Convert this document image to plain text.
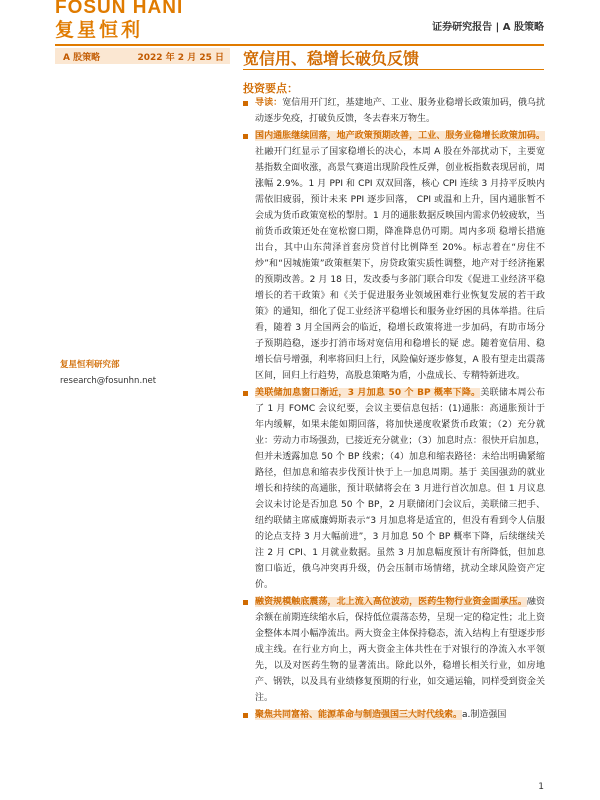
FOSUN HANI
复星恒利	证券研究报告 | A 股策略
A 股策略	2022 年 2 月 25 日 宽信用、稳增长破负反馈
投资要点：
复星恒利研究部
research@fosunhn.net
导读：宽信用开门红，基建地产、工业、服务业稳增长政策加码，俄乌扰动逐步免疫，打破负反馈，冬去春来万物生。
国内通胀继续回落，地产政策预期改善，工业、服务业稳增长政策加码。社融开门红显示了国家稳增长的决心，本周 A 股在外部扰动下，主要宽基指数全面收涨，高景气赛道出现阶段性反弹，创业板指数表现居前，周涨幅 2.9%。1 月 PPI 和 CPI 双双回落，核心 CPI 连续 3 月持平反映内需依旧疲弱，预计未来 PPI 逐步回落， CPI 或温和上升，国内通胀暂不会成为货币政策宽松的掣肘。1 月的通胀数据反映国内需求仍较疲软，当前货币政策还处在宽松窗口期，降准降息仍可期。周内多项 稳增长措施出台，其中山东菏泽首套房贷首付比例降至 20%。标志着在“房住不炒”和“因城施策”政策框架下，房贷政策实质性调整，地产对于经济拖累的预期改善。2 月 18 日，发改委与多部门联合印发《促进工业经济平稳增长的若干政策》和《关于促进服务业领域困难行业恢复发展的若干政策》的通知，细化了促工业经济平稳增长和服务业纾困的具体举措。往后看，随着 3 月全国两会的临近，稳增长政策将进一步加码，有助市场分子预期趋稳，逐步打消市场对宽信用和稳增长的疑 虑。随着宽信用、稳增长信号增强，利率将回归上行，风险偏好逐步修复，A 股有望走出震荡区间，回归上行趋势，高股息策略为盾，小盘成长、专精特新进攻。
美联储加息窗口渐近，3 月加息 50 个 BP 概率下降。美联储本周公布了 1 月 FOMC 会议纪要，会议主要信息包括：(1)通胀：高通胀预计于年内缓解，如果未能如期回落，将加快递度收紧货币政策；（2）充分就业：劳动力市场强劲，已接近充分就业；（3）加息时点：很快开启加息，但并未透露加息 50 个 BP 线索；（4）加息和缩表路径：未给出明确紧缩路径，但加息和缩表步伐预计快于上一加息周期。基于 美国强劲的就业增长和持续的高通胀，预计联储将会在 3 月进行首次加息。但 1 月议息会议未讨论是否加息 50 个 BP，2 月联储闭门会议后，美联储三把手、纽约联储主席威廉姆斯表示“3 月加息将是适宜的，但没有看到令人信服的论点支持 3 月大幅前进”，3 月加息 50 个 BP 概率下降，后续继续关注 2 月 CPI、1 月就业数据。虽然 3 月加息幅度预计有所降低，但加息窗口临近，俄乌冲突再升级，仍会压制市场情绪，扰动全球风险资产定价。
融资规模触底震荡，北上流入高位波动，医药生物行业资金面承压。融资余额在前期连续缩水后，保持低位震荡态势，呈现一定的稳定性；北上资金整体本周小幅净流出。两大资金主体保持稳态，流入结构上有望逐步形成主线。在行业方向上，两大资金主体共性在于对银行的净流入水平领先，以及对医药生物的显著流出。除此以外，稳增长相关行业，如房地产、钢铁，以及具有业绩修复预期的行业，如交通运输，同样受到资金关注。
聚焦共同富裕、能源革命与制造强国三大时代线索。a.制造强国
1
